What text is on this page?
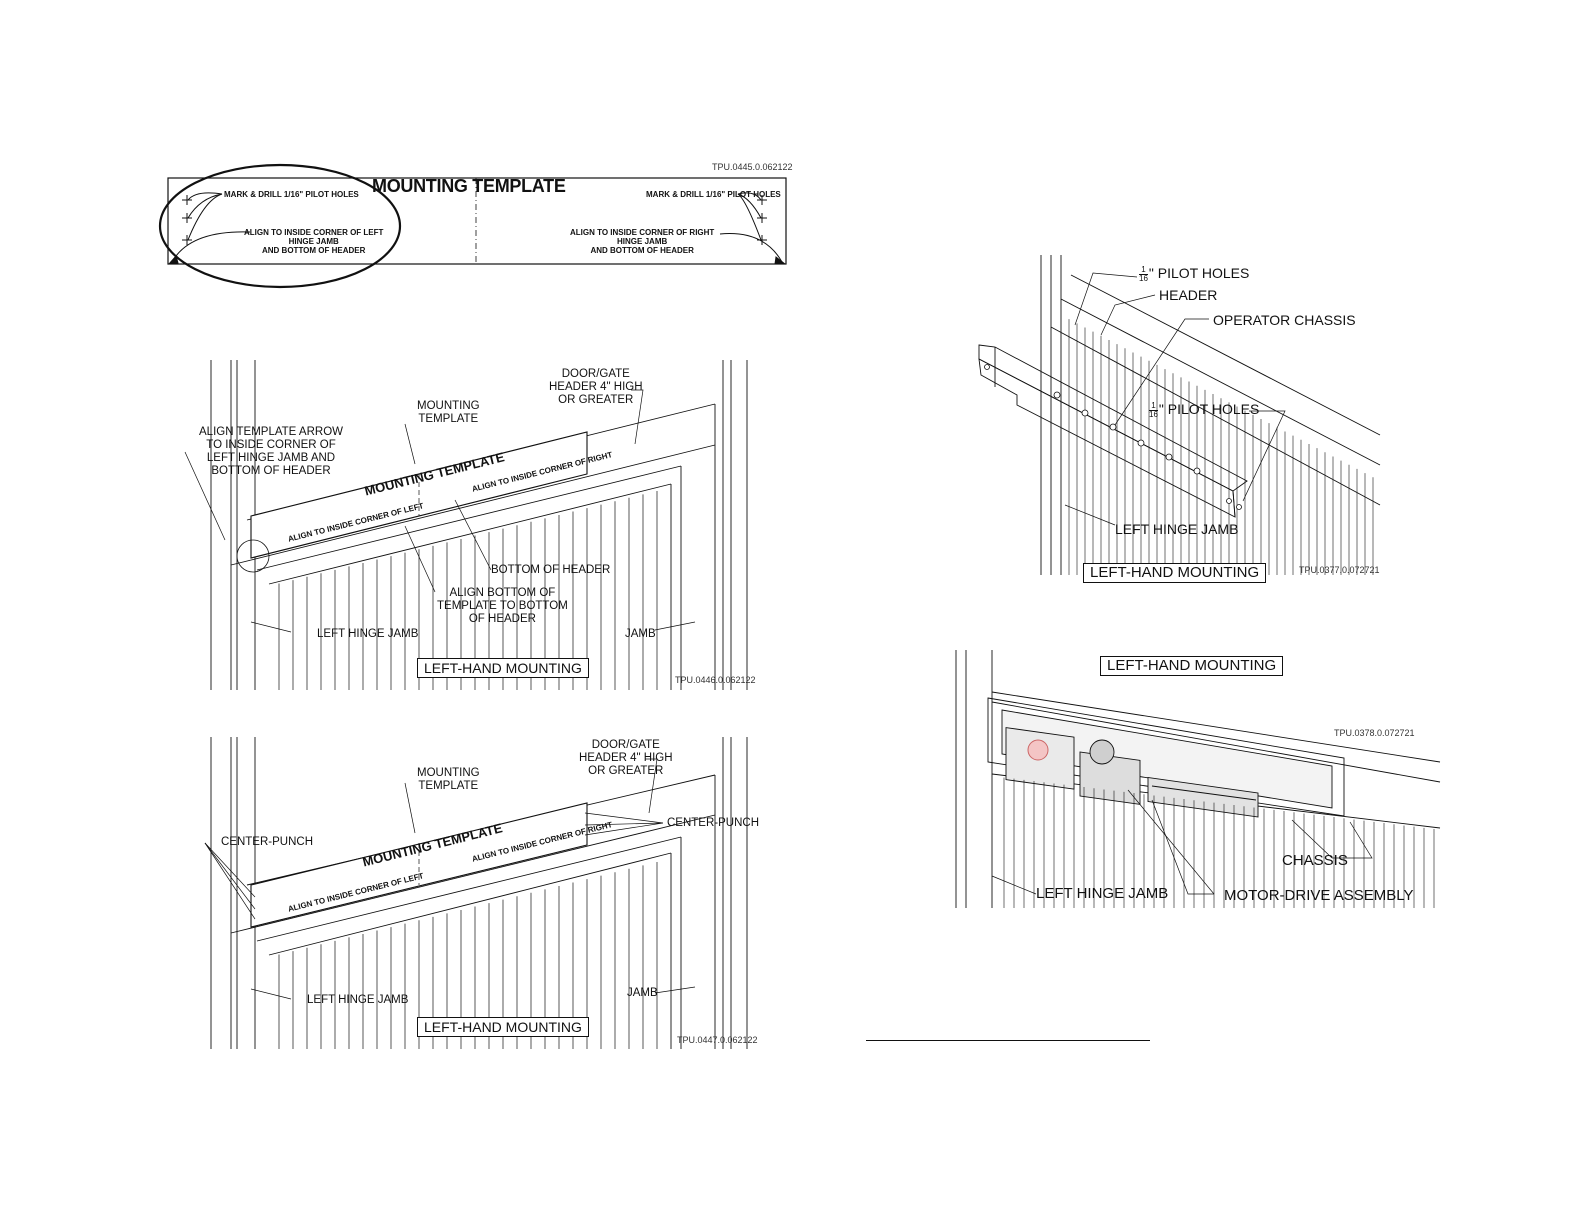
TPU.0445.0.062122
MOUNTING TEMPLATE
MARK & DRILL 1/16" PILOT HOLES	MARK & DRILL 1/16" PILOT HOLES
ALIGN TO INSIDE CORNER OF LEFT
HINGE JAMB
AND BOTTOM OF HEADER
ALIGN TO INSIDE CORNER OF RIGHT
HINGE JAMB
AND BOTTOM OF HEADER
MOUNTING TEMPLATE
ALIGN TO INSIDE CORNER OF LEFT
ALIGN TO INSIDE CORNER OF RIGHT
DOOR/GATE
HEADER 4" HIGH
OR GREATER
MOUNTING
TEMPLATE
ALIGN TEMPLATE ARROW
TO INSIDE CORNER OF
LEFT HINGE JAMB AND
BOTTOM OF HEADER
BOTTOM OF HEADER
ALIGN BOTTOM OF
TEMPLATE TO BOTTOM
OF HEADER
LEFT HINGE JAMB	JAMB
LEFT-HAND MOUNTING
TPU.0446.0.062122
MOUNTING TEMPLATE
ALIGN TO INSIDE CORNER OF LEFT
ALIGN TO INSIDE CORNER OF RIGHT
DOOR/GATE
HEADER 4" HIGH
OR GREATER
MOUNTING
TEMPLATE
CENTER-PUNCH
CENTER-PUNCH
LEFT HINGE JAMB
JAMB
LEFT-HAND MOUNTING
TPU.0447.0.062122
$\frac{1}{16}$ " PILOT HOLES
HEADER
OPERATOR CHASSIS
$\frac{1}{16}$ " PILOT HOLES
LEFT HINGE JAMB
LEFT-HAND MOUNTING	TPU.0377.0.072721
LEFT-HAND MOUNTING
TPU.0378.0.072721
CHASSIS
LEFT HINGE JAMB	MOTOR-DRIVE ASSEMBLY
